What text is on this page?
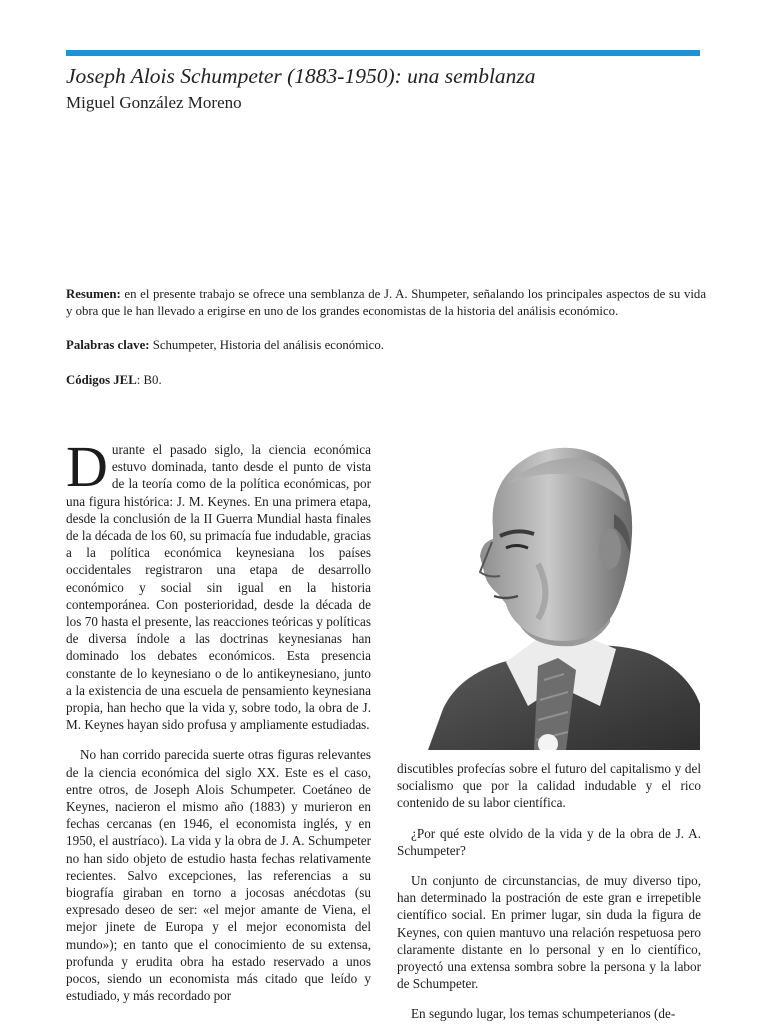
Joseph Alois Schumpeter (1883-1950): una semblanza
Miguel González Moreno
Resumen: en el presente trabajo se ofrece una semblanza de J. A. Shumpeter, señalando los principales aspectos de su vida y obra que le han llevado a erigirse en uno de los grandes economistas de la historia del análisis económico.
Palabras clave: Schumpeter, Historia del análisis económico.
Códigos JEL: B0.

Durante el pasado siglo, la ciencia económica estuvo dominada, tanto desde el punto de vista de la teoría como de la política económicas, por una figura histórica: J. M. Keynes. En una primera etapa, desde la conclusión de la II Guerra Mundial hasta finales de la década de los 60, su primacía fue indudable, gracias a la política económica keynesiana los países occidentales registraron una etapa de desarrollo económico y social sin igual en la historia contemporánea. Con posterioridad, desde la década de los 70 hasta el presente, las reacciones teóricas y políticas de diversa índole a las doctrinas keynesianas han dominado los debates económicos. Esta presencia constante de lo keynesiano o de lo antikeynesiano, junto a la existencia de una escuela de pensamiento keynesiana propia, han hecho que la vida y, sobre todo, la obra de J. M. Keynes hayan sido profusa y ampliamente estudiadas.

No han corrido parecida suerte otras figuras relevantes de la ciencia económica del siglo XX. Este es el caso, entre otros, de Joseph Alois Schumpeter. Coetáneo de Keynes, nacieron el mismo año (1883) y murieron en fechas cercanas (en 1946, el economista inglés, y en 1950, el austríaco). La vida y la obra de J. A. Schumpeter no han sido objeto de estudio hasta fechas relativamente recientes. Salvo excepciones, las referencias a su biografía giraban en torno a jocosas anécdotas (su expresado deseo de ser: «el mejor amante de Viena, el mejor jinete de Europa y el mejor economista del mundo»); en tanto que el conocimiento de su extensa, profunda y erudita obra ha estado reservado a unos pocos, siendo un economista más citado que leído y estudiado, y más recordado por

discutibles profecías sobre el futuro del capitalismo y del socialismo que por la calidad indudable y el rico contenido de su labor científica.

¿Por qué este olvido de la vida y de la obra de J. A. Schumpeter?

Un conjunto de circunstancias, de muy diverso tipo, han determinado la postración de este gran e irrepetible científico social. En primer lugar, sin duda la figura de Keynes, con quien mantuvo una relación respetuosa pero claramente distante en lo personal y en lo científico, proyectó una extensa sombra sobre la persona y la labor de Schumpeter.

En segundo lugar, los temas schumpeterianos (de-
